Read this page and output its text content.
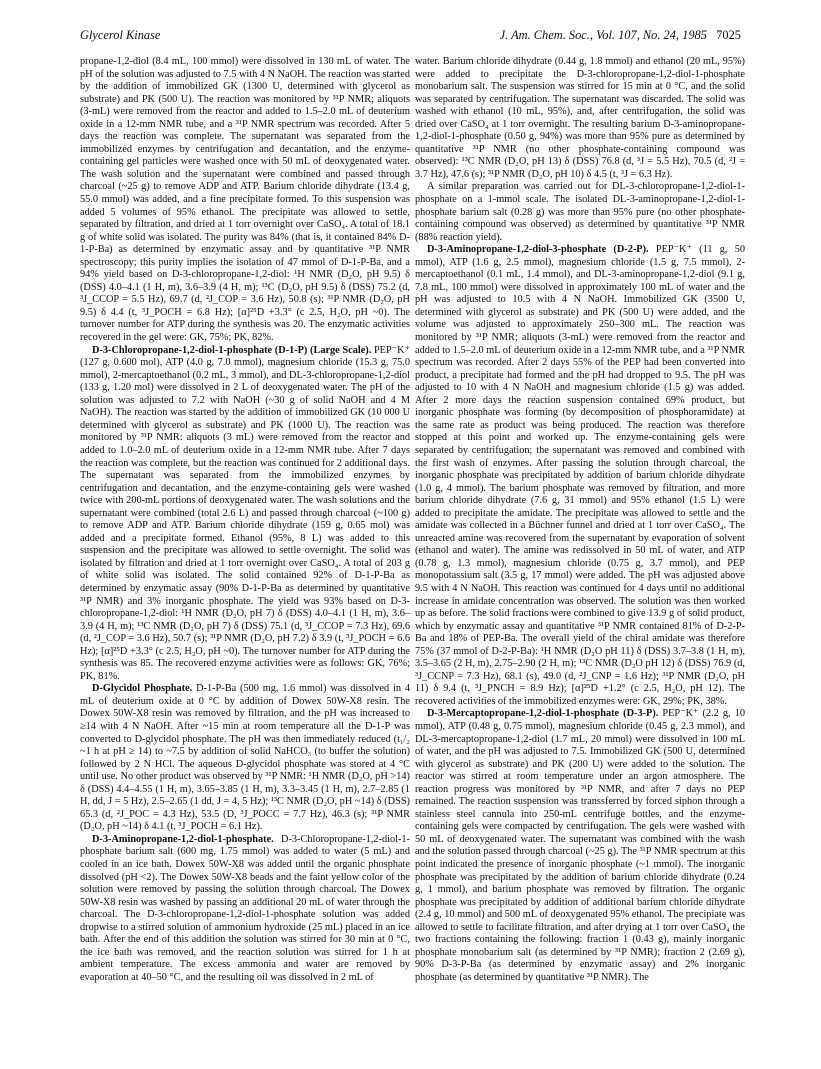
Glycerol Kinase	J. Am. Chem. Soc., Vol. 107, No. 24, 1985 7025

propane-1,2-diol (8.4 mL, 100 mmol) were dissolved in 130 mL of water. The pH of the solution was adjusted to 7.5 with 4 N NaOH. The reaction was started by the addition of immobilized GK (1300 U, determined with glycerol as substrate) and PK (500 U). The reaction was monitored by ³¹P NMR; aliquots (3-mL) were removed from the reactor and added to 1.5–2.0 mL of deuterium oxide in a 12-mm NMR tube, and a ³¹P NMR spectrum was recorded. After 5 days the reaction was complete. The supernatant was separated from the immobilized enzymes by centrifugation and decantation, and the enzyme-containing gel particles were washed once with 50 mL of deoxygenated water. The wash solution and the supernatant were combined and passed through charcoal (~25 g) to remove ADP and ATP. Barium chloride dihydrate (13.4 g, 55.0 mmol) was added, and a fine precipitate formed. To this suspension was added 5 volumes of 95% ethanol. The precipitate was allowed to settle, separated by filtration, and dried at 1 torr overnight over CaSO₄. A total of 18.1 g of white solid was isolated. The purity was 84% (that is, it contained 84% D-1-P-Ba) as determined by enzymatic assay and by quantitative ³¹P NMR spectroscopy; this purity implies the isolation of 47 mmol of D-1-P-Ba, and a 94% yield based on D-3-chloropropane-1,2-diol: ¹H NMR (D₂O, pH 9.5) δ (DSS) 4.0–4.1 (1 H, m), 3.6–3.9 (4 H, m); ¹³C (D₂O, pH 9.5) δ (DSS) 75.2 (d, ³J_CCOP = 5.5 Hz), 69.7 (d, ²J_COP = 3.6 Hz), 50.8 (s); ³¹P NMR (D₂O, pH 9.5) δ 4.4 (t, ³J_POCH = 6.8 Hz); [α]²⁵D +3.3° (c 2.5, H₂O, pH ~0). The turnover number for ATP during the synthesis was 20. The enzymatic activities recovered in the gel were: GK, 75%; PK, 82%.

D-3-Chloropropane-1,2-diol-1-phosphate (D-1-P) (Large Scale). PEP⁻K⁺ (127 g, 0.600 mol), ATP (4.0 g, 7.0 mmol), magnesium chloride (15.3 g, 75.0 mmol), 2-mercaptoethanol (0.2 mL, 3 mmol), and DL-3-chloropropane-1,2-diol (133 g, 1.20 mol) were dissolved in 2 L of deoxygenated water. The pH of the solution was adjusted to 7.2 with NaOH (~30 g of solid NaOH and 4 M NaOH). The reaction was started by the addition of immobilized GK (10 000 U determined with glycerol as substrate) and PK (1000 U). The reaction was monitored by ³¹P NMR: aliquots (3 mL) were removed from the reactor and added to 1.0–2.0 mL of deuterium oxide in a 12-mm NMR tube. After 7 days the reaction was complete, but the reaction was continued for 2 additional days. The supernatant was separated from the immobilized enzymes by centrifugation and decantation, and the enzyme-containing gels were washed twice with 200-mL portions of deoxygenated water. The wash solutions and the supernatant were combined (total 2.6 L) and passed through charcoal (~100 g) to remove ADP and ATP. Barium chloride dihydrate (159 g, 0.65 mol) was added and a precipitate formed. Ethanol (95%, 8 L) was added to this suspension and the precipitate was allowed to settle overnight. The solid was isolated by filtration and dried at 1 torr overnight over CaSO₄. A total of 203 g of white solid was isolated. The solid contained 92% of D-1-P-Ba as determined by enzymatic assay (90% D-1-P-Ba as determined by quantitative ³¹P NMR) and 3% inorganic phosphate. The yield was 93% based on D-3-chloropropane-1,2-diol: ¹H NMR (D₂O, pH 7) δ (DSS) 4.0–4.1 (1 H, m), 3.6–3.9 (4 H, m); ¹³C NMR (D₂O, pH 7) δ (DSS) 75.1 (d, ³J_CCOP = 7.3 Hz), 69.6 (d, ²J_COP = 3.6 Hz), 50.7 (s); ³¹P NMR (D₂O, pH 7.2) δ 3.9 (t, ³J_POCH = 6.6 Hz); [α]²⁵D +3.3° (c 2.5, H₂O, pH ~0). The turnover number for ATP during the synthesis was 85. The recovered enzyme activities were as follows: GK, 76%; PK, 81%.

D-Glycidol Phosphate. D-1-P-Ba (500 mg, 1.6 mmol) was dissolved in 4 mL of deuterium oxide at 0 °C by addition of Dowex 50W-X8 resin. The Dowex 50W-X8 resin was removed by filtration, and the pH was increased to ≥14 with 4 N NaOH. After ~15 min at room temperature all the D-1-P was converted to D-glycidol phosphate. The pH was then immediately reduced (t₁/₂ ~1 h at pH ≥ 14) to ~7.5 by addition of solid NaHCO₃ (to buffer the solution) followed by 2 N HCl. The aqueous D-glycidol phosphate was stored at 4 °C until use. No other product was observed by ³¹P NMR: ¹H NMR (D₂O, pH >14) δ (DSS) 4.4–4.55 (1 H, m), 3.65–3.85 (1 H, m), 3.3–3.45 (1 H, m), 2.7–2.85 (1 H, dd, J = 5 Hz), 2.5–2.65 (1 dd, J = 4, 5 Hz); ¹³C NMR (D₂O, pH ~14) δ (DSS) 65.3 (d, ²J_POC = 4.3 Hz), 53.5 (D, ³J_POCC = 7.7 Hz), 46.3 (s); ³¹P NMR (D₂O, pH ~14) δ 4.1 (t, ³J_POCH = 6.1 Hz).

D-3-Aminopropane-1,2-diol-1-phosphate. D-3-Chloropropane-1,2-diol-1-phosphate barium salt (600 mg, 1.75 mmol) was added to water (5 mL) and cooled in an ice bath. Dowex 50W-X8 was added until the organic phosphate dissolved (pH <2). The Dowex 50W-X8 beads and the faint yellow color of the solution were removed by passing the solution through charcoal. The Dowex 50W-X8 resin was washed by passing an additional 20 mL of water through the charcoal. The D-3-chloropropane-1,2-diol-1-phosphate solution was added dropwise to a stirred solution of ammonium hydroxide (25 mL) placed in an ice bath. After the end of this addition the solution was stirred for 30 min at 0 °C, the ice bath was removed, and the reaction solution was stirred for 1 h at ambient temperature. The excess ammonia and water are removed by evaporation at 40–50 °C, and the resulting oil was dissolved in 2 mL of

water. Barium chloride dihydrate (0.44 g, 1.8 mmol) and ethanol (20 mL, 95%) were added to precipitate the D-3-chloropropane-1,2-diol-1-phosphate monobarium salt. The suspension was stirred for 15 min at 0 °C, and the solid was separated by centrifugation. The supernatant was discarded. The solid was washed with ethanol (10 mL, 95%), and, after centrifugation, the solid was dried over CaSO₄ at 1 torr overnight. The resulting barium D-3-aminopropane-1,2-diol-1-phosphate (0.50 g, 94%) was more than 95% pure as determined by quantitative ³¹P NMR (no other phosphate-containing compound was observed): ¹³C NMR (D₂O, pH 13) δ (DSS) 76.8 (d, ³J = 5.5 Hz), 70.5 (d, ²J = 3.7 Hz), 47.6 (s); ³¹P NMR (D₂O, pH 10) δ 4.5 (t, ³J = 6.3 Hz).

A similar preparation was carried out for DL-3-chloropropane-1,2-diol-1-phosphate on a 1-mmol scale. The isolated DL-3-aminopropane-1,2-diol-1-phosphate barium salt (0.28 g) was more than 95% pure (no other phosphate-containing compound was observed) as determined by quantitative ³¹P NMR (88% reaction yield).

D-3-Aminopropane-1,2-diol-3-phosphate (D-2-P). PEP⁻K⁺ (11 g, 50 mmol), ATP (1.6 g, 2.5 mmol), magnesium chloride (1.5 g, 7.5 mmol), 2-mercaptoethanol (0.1 mL, 1.4 mmol), and DL-3-aminopropane-1,2-diol (9.1 g, 7.8 mL, 100 mmol) were dissolved in approximately 100 mL of water and the pH was adjusted to 10.5 with 4 N NaOH. Immobilized GK (3500 U, determined with glycerol as substrate) and PK (500 U) were added, and the volume was adjusted to approximately 250–300 mL. The reaction was monitored by ³¹P NMR; aliquots (3-mL) were removed from the reactor and added to 1.5–2.0 mL of deuterium oxide in a 12-mm NMR tube, and a ³¹P NMR spectrum was recorded. After 2 days 55% of the PEP had been converted into product, a precipitate had formed and the pH had dropped to 9.5. The pH was adjusted to 10 with 4 N NaOH and magnesium chloride (1.5 g) was added. After 2 more days the reaction suspension contained 69% product, but inorganic phosphate was forming (by decomposition of phosphoramidate) at the same rate as product was being produced. The reaction was therefore stopped at this point and worked up. The enzyme-containing gels were separated by centrifugation; the supernatant was removed and combined with the first wash of enzymes. After passing the solution through charcoal, the inorganic phosphate was precipitated by addition of barium chloride dihydrate (1.0 g, 4 mmol). The barium phosphate was removed by filtration, and more barium chloride dihydrate (7.6 g, 31 mmol) and 95% ethanol (1.5 L) were added to precipitate the amidate. The precipitate was allowed to settle and the amidate was collected in a Büchner funnel and dried at 1 torr over CaSO₄. The unreacted amine was recovered from the supernatant by evaporation of solvent (ethanol and water). The amine was redissolved in 50 mL of water, and ATP (0.78 g, 1.3 mmol), magnesium chloride (0.75 g, 3.7 mmol), and PEP monopotassium salt (3.5 g, 17 mmol) were added. The pH was adjusted above 9.5 with 4 N NaOH. This reaction was continued for 4 days until no additional increase in amidate concentration was observed. The solution was then worked up as before. The solid fractions were combined to give 13.9 g of solid product, which by enzymatic assay and quantitative ³¹P NMR contained 81% of D-2-P-Ba and 18% of PEP-Ba. The overall yield of the chiral amidate was therefore 75% (37 mmol of D-2-P-Ba): ¹H NMR (D₂O pH 11) δ (DSS) 3.7–3.8 (1 H, m), 3.5–3.65 (2 H, m), 2.75–2.90 (2 H, m); ¹³C NMR (D₂O pH 12) δ (DSS) 76.9 (d, ³J_CCNP = 7.3 Hz), 68.1 (s), 49.0 (d, ²J_CNP = 1.6 Hz); ³¹P NMR (D₂O, pH 11) δ 9.4 (t, ³J_PNCH = 8.9 Hz); [α]²⁵D +1.2° (c 2.5, H₂O, pH 12). The recovered activities of the immobilized enzymes were: GK, 29%; PK, 38%.

D-3-Mercaptopropane-1,2-diol-1-phosphate (D-3-P). PEP⁻K⁺ (2.2 g, 10 mmol), ATP (0.48 g, 0.75 mmol), magnesium chloride (0.45 g, 2.3 mmol), and DL-3-mercaptopropane-1,2-diol (1.7 mL, 20 mmol) were dissolved in 100 mL of water, and the pH was adjusted to 7.5. Immobilized GK (500 U, determined with glycerol as substrate) and PK (200 U) were added to the solution. The reactor was stirred at room temperature under an argon atmosphere. The reaction progress was monitored by ³¹P NMR, and after 7 days no PEP remained. The reaction suspension was transsferred by forced siphon through a stainless steel cannula into 250-mL centrifuge bottles, and the enzyme-containing gels were compacted by centrifugation. The gels were washed with 50 mL of deoxygenated water. The supernatant was combined with the wash and the solution passed through charcoal (~25 g). The ³¹P NMR spectrum at this point indicated the presence of inorganic phosphate (~1 mmol). The inorganic phosphate was precipitated by the addition of barium chloride dihydrate (0.24 g, 1 mmol), and barium phosphate was removed by filtration. The organic phosphate was precipitated by addition of additional barium chloride dihydrate (2.4 g, 10 mmol) and 500 mL of deoxygenated 95% ethanol. The precipiate was allowed to settle to facilitate filtration, and after drying at 1 torr over CaSO₄ the two fractions containing the following: fraction 1 (0.43 g), mainly inorganic phosphate monobarium salt (as determined by ³¹P NMR); fraction 2 (2.69 g), 90% D-3-P-Ba (as determined by enzymatic assay) and 2% inorganic phosphate (as determined by quantitative ³¹P NMR). The
